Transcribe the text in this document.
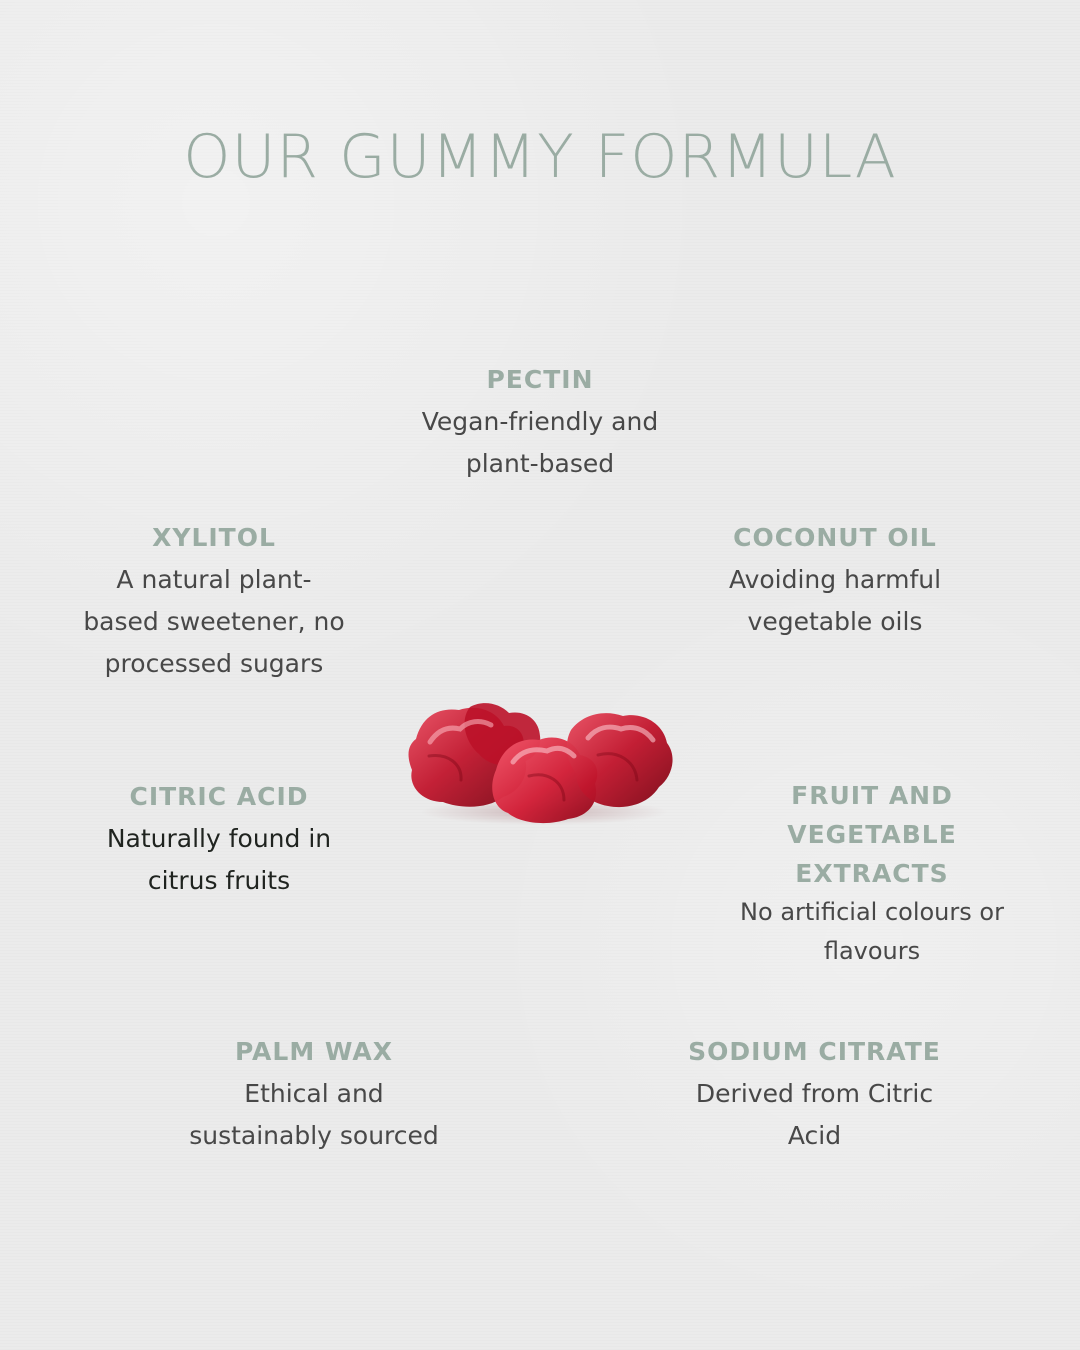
OUR GUMMY FORMULA

PECTIN

Vegan-friendly and
plant-based

COCONUT OIL

Avoiding harmful
vegetable oils

XYLITOL

A natural plant-
based sweetener, no
processed sugars

CITRIC ACID

Naturally found in
citrus fruits

FRUIT AND
VEGETABLE
EXTRACTS

No artificial colours or
flavours

PALM WAX

Ethical and
sustainably sourced

SODIUM CITRATE

Derived from Citric
Acid
